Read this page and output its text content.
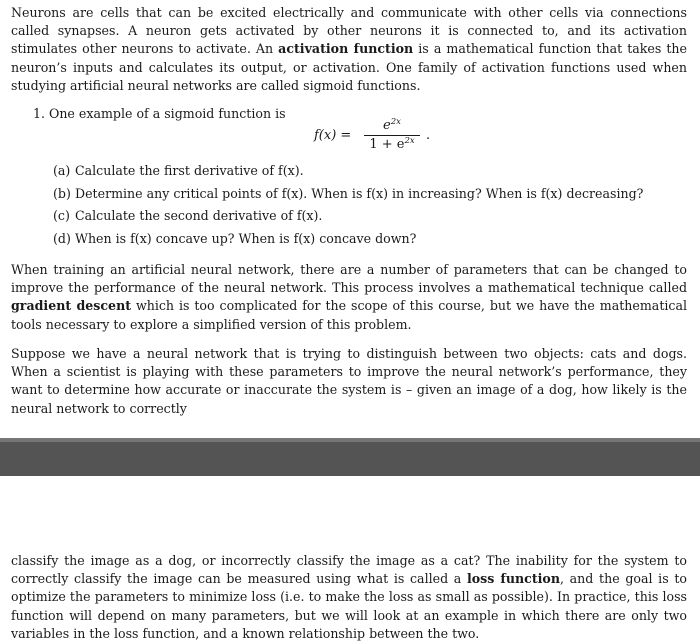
Neurons are cells that can be excited electrically and communicate with other cells via connections called synapses. A neuron gets activated by other neurons it is connected to, and its activation stimulates other neurons to activate. An activation function is a mathematical function that takes the neuron’s inputs and calculates its output, or activation. One family of activation functions used when studying artificial neural networks are called sigmoid functions.

1. One example of a sigmoid function is
f(x) =
$e^{2x}$
$1 + e^{2x}$ .
(a) Calculate the first derivative of f(x).
(b) Determine any critical points of f(x). When is f(x) in increasing? When is f(x) decreasing?
(c) Calculate the second derivative of f(x).
(d) When is f(x) concave up? When is f(x) concave down?

When training an artificial neural network, there are a number of parameters that can be changed to improve the performance of the neural network. This process involves a mathematical technique called gradient descent which is too complicated for the scope of this course, but we have the mathematical tools necessary to explore a simplified version of this problem.

Suppose we have a neural network that is trying to distinguish between two objects: cats and dogs. When a scientist is playing with these parameters to improve the neural network’s performance, they want to determine how accurate or inaccurate the system is – given an image of a dog, how likely is the neural network to correctly

classify the image as a dog, or incorrectly classify the image as a cat? The inability for the system to correctly classify the image can be measured using what is called a loss function, and the goal is to optimize the parameters to minimize loss (i.e. to make the loss as small as possible). In practice, this loss function will depend on many parameters, but we will look at an example in which there are only two variables in the loss function, and a known relationship between the two.
